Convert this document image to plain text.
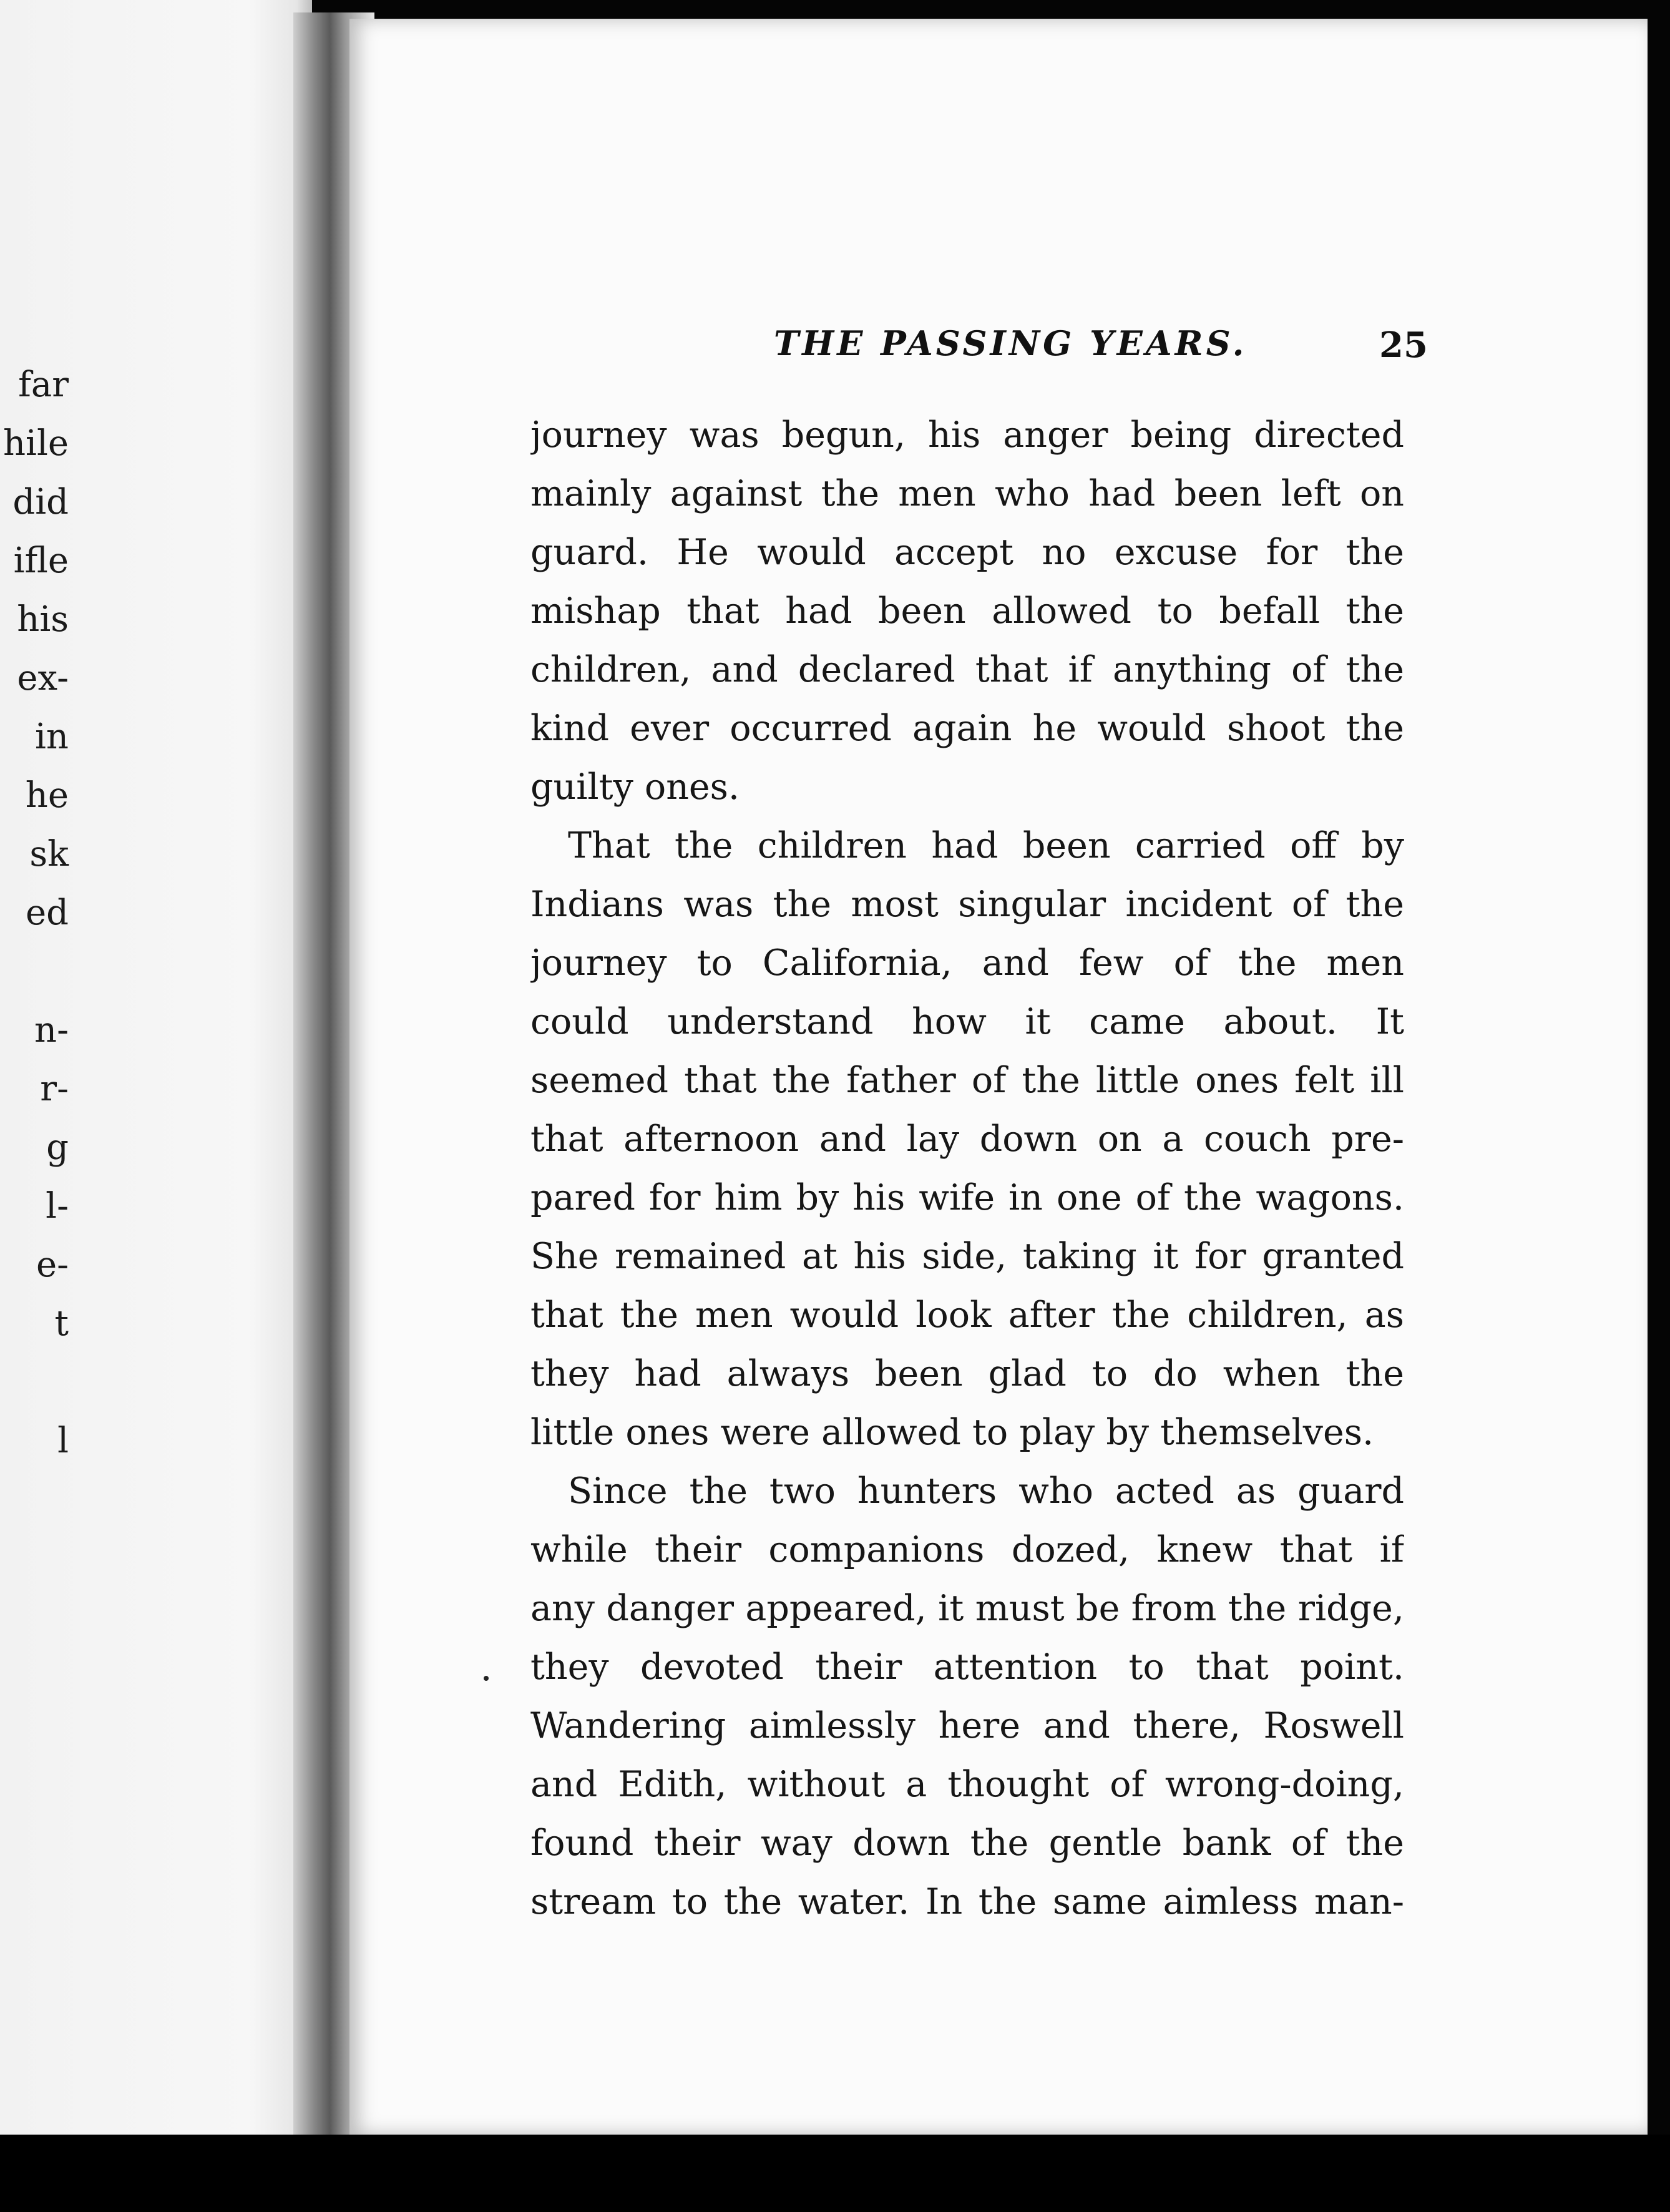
far
hile
did
ifle
his
ex-
in
he
sk
ed
n-
r-
g
l-
e-
t
l
THE PASSING YEARS.	25
journey was begun, his anger being directed
mainly against the men who had been left on
guard. He would accept no excuse for the
mishap that had been allowed to befall the
children, and declared that if anything of the
kind ever occurred again he would shoot the
guilty ones.
That the children had been carried off by
Indians was the most singular incident of the
journey to California, and few of the men
could understand how it came about. It
seemed that the father of the little ones felt ill
that afternoon and lay down on a couch pre-
pared for him by his wife in one of the wagons.
She remained at his side, taking it for granted
that the men would look after the children, as
they had always been glad to do when the
little ones were allowed to play by themselves.
Since the two hunters who acted as guard
while their companions dozed, knew that if
any danger appeared, it must be from the ridge,
they devoted their attention to that point.
Wandering aimlessly here and there, Roswell
and Edith, without a thought of wrong-doing,
found their way down the gentle bank of the
stream to the water. In the same aimless man-
